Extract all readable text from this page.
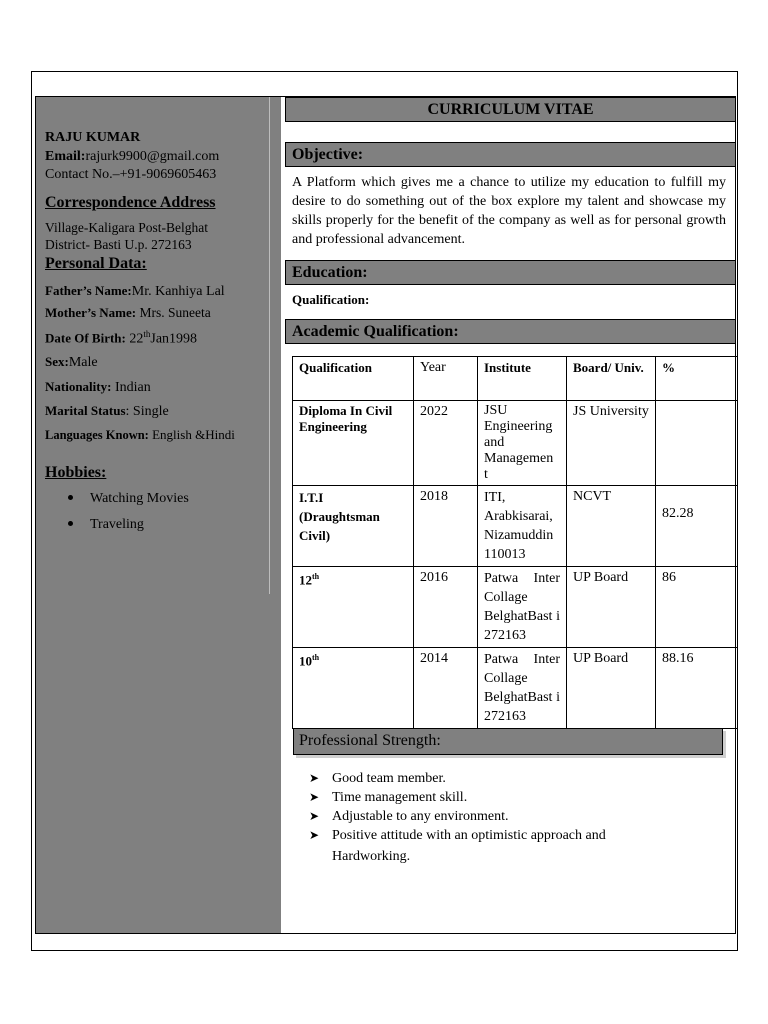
RAJU KUMAR
Email:rajurk9900@gmail.com
Contact No.–+91-9069605463
Correspondence Address
Village-Kaligara Post-Belghat
District- Basti U.p. 272163
Personal Data:
Father’s Name:Mr. Kanhiya Lal
Mother’s Name: Mrs. Suneeta
Date Of Birth: 22thJan1998
Sex:Male
Nationality: Indian
Marital Status: Single
Languages Known: English &Hindi
Hobbies:
Watching Movies
Traveling
CURRICULUM VITAE
Objective:
A Platform which gives me a chance to utilize my education to fulfill my desire to do something out of the box explore my talent and showcase my skills properly for the benefit of the company as well as for personal growth and professional advancement.
Education:
Qualification:
Academic Qualification:
Qualification	Year	Institute	Board/ Univ.	%
Diploma In Civil Engineering	2022	JSU Engineering and Managemen t	JS University	
I.T.I (Draughtsman Civil)	2018	ITI, Arabkisarai, Nizamuddin 110013	NCVT	82.28
12th	2016	Patwa Inter Collage BelghatBast i 272163	UP Board	86
10th	2014	Patwa Inter Collage BelghatBast i 272163	UP Board	88.16
Professional Strength:
➤ Good team member.
➤ Time management skill.
➤ Adjustable to any environment.
➤ Positive attitude with an optimistic approach and
Hardworking.
